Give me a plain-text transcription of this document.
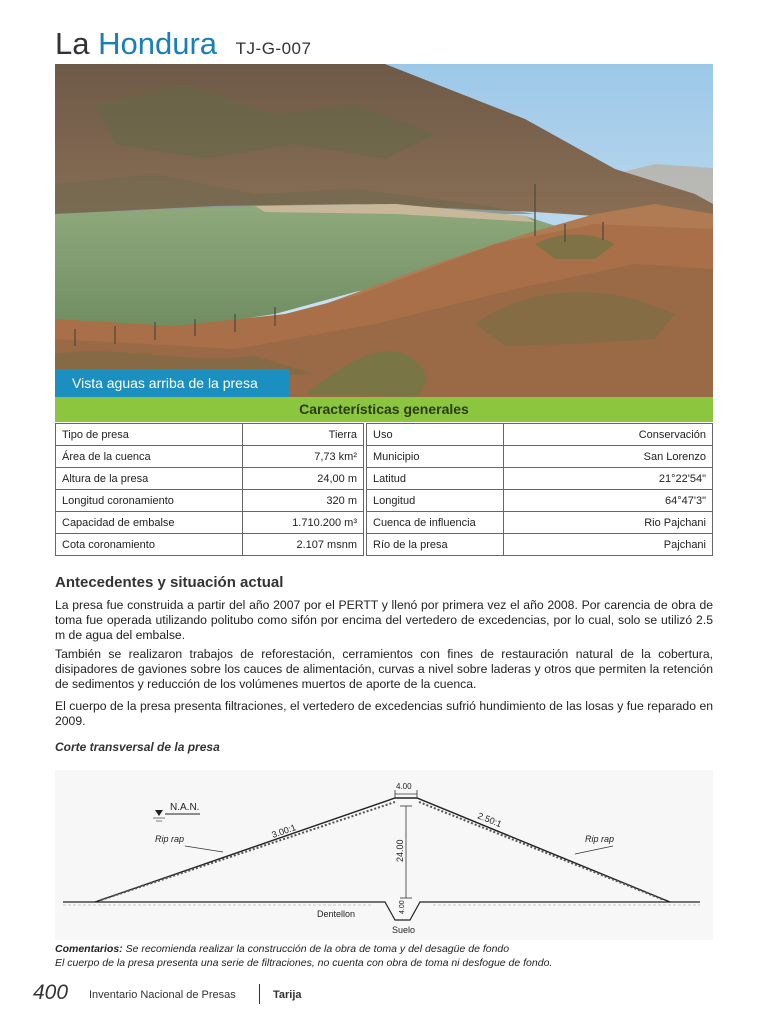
La Hondura TJ-G-007
Vista aguas arriba de la presa
Características generales
Tipo de presa	Tierra		Uso	Conservación
Área de la cuenca	7,73 km²		Municipio	San Lorenzo
Altura de la presa	24,00 m		Latitud	21°22'54"
Longitud coronamiento	320 m		Longitud	64°47'3"
Capacidad de embalse	1.710.200 m³		Cuenca de influencia	Rio Pajchani
Cota coronamiento	2.107 msnm		Río de la presa	Pajchani
Antecedentes y situación actual
La presa fue construida a partir del año 2007 por el PERTT y llenó por primera vez el año 2008. Por carencia de obra de toma fue operada utilizando politubo como sifón por encima del vertedero de excedencias, por lo cual, solo se utilizó 2.5 m de agua del embalse.
También se realizaron trabajos de reforestación, cerramientos con fines de restauración natural de la cobertura, disipadores de gaviones sobre los cauces de alimentación, curvas a nivel sobre laderas y otros que permiten la retención de sedimentos y reducción de los volúmenes muertos de aporte de la cuenca.
El cuerpo de la presa presenta filtraciones, el vertedero de excedencias sufrió hundimiento de las losas y fue reparado en 2009.
Corte transversal de la presa
N.A.N.
Rip rap	Rip rap
3.00:1
2.50:1
4.00
24.00
4.00
Dentellon
Suelo
Comentarios: Se recomienda realizar la construcción de la obra de toma y del desagüe de fondo
El cuerpo de la presa presenta una serie de filtraciones, no cuenta con obra de toma ni desfogue de fondo.
400 Inventario Nacional de Presas	Tarija
